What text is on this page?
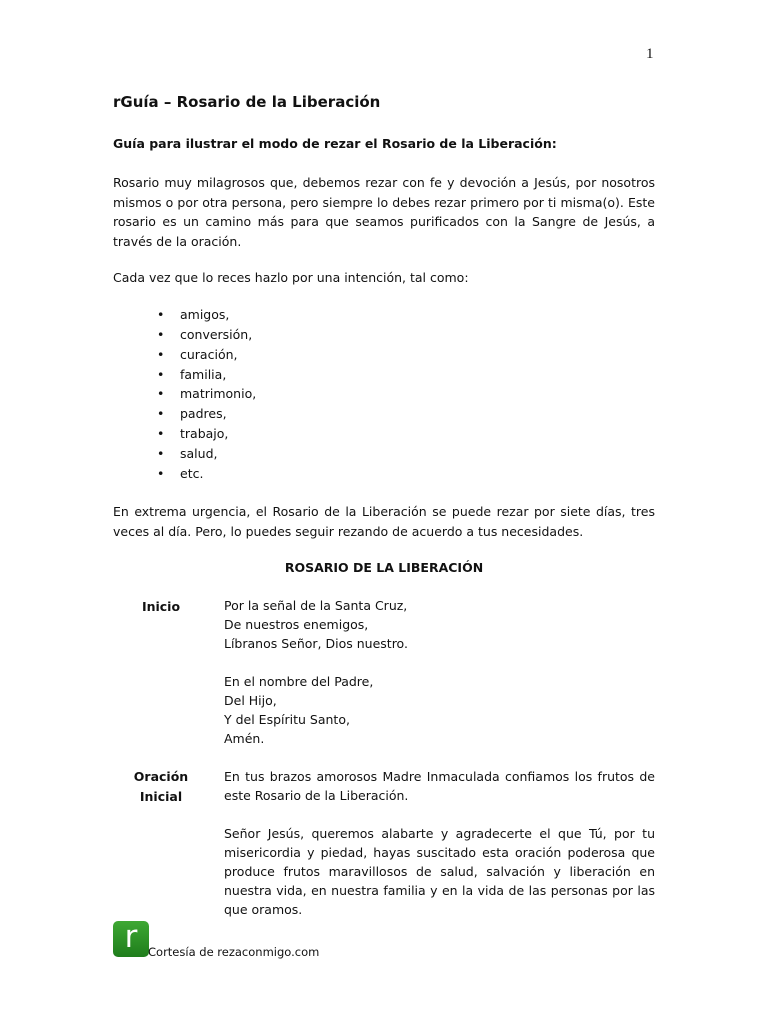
1
rGuía – Rosario de la Liberación

Guía para ilustrar el modo de rezar el Rosario de la Liberación:

Rosario muy milagrosos que, debemos rezar con fe y devoción a Jesús, por nosotros mismos o por otra persona, pero siempre lo debes rezar primero por ti misma(o). Este rosario es un camino más para que seamos purificados con la Sangre de Jesús, a través de la oración.

Cada vez que lo reces hazlo por una intención, tal como:

• amigos,
• conversión,
• curación,
• familia,
• matrimonio,
• padres,
• trabajo,
• salud,
• etc.

En extrema urgencia, el Rosario de la Liberación se puede rezar por siete días, tres veces al día. Pero, lo puedes seguir rezando de acuerdo a tus necesidades.

ROSARIO DE LA LIBERACIÓN
Inicio	Por la señal de la Santa Cruz,
De nuestros enemigos,
Líbranos Señor, Dios nuestro.

En el nombre del Padre,
Del Hijo,
Y del Espíritu Santo,
Amén.

Oración
Inicial

En tus brazos amorosos Madre Inmaculada confiamos los frutos de este Rosario de la Liberación.

Señor Jesús, queremos alabarte y agradecerte el que Tú, por tu misericordia y piedad, hayas suscitado esta oración poderosa que produce frutos maravillosos de salud, salvación y liberación en nuestra vida, en nuestra familia y en la vida de las personas por las que oramos.

r Cortesía de rezaconmigo.com
